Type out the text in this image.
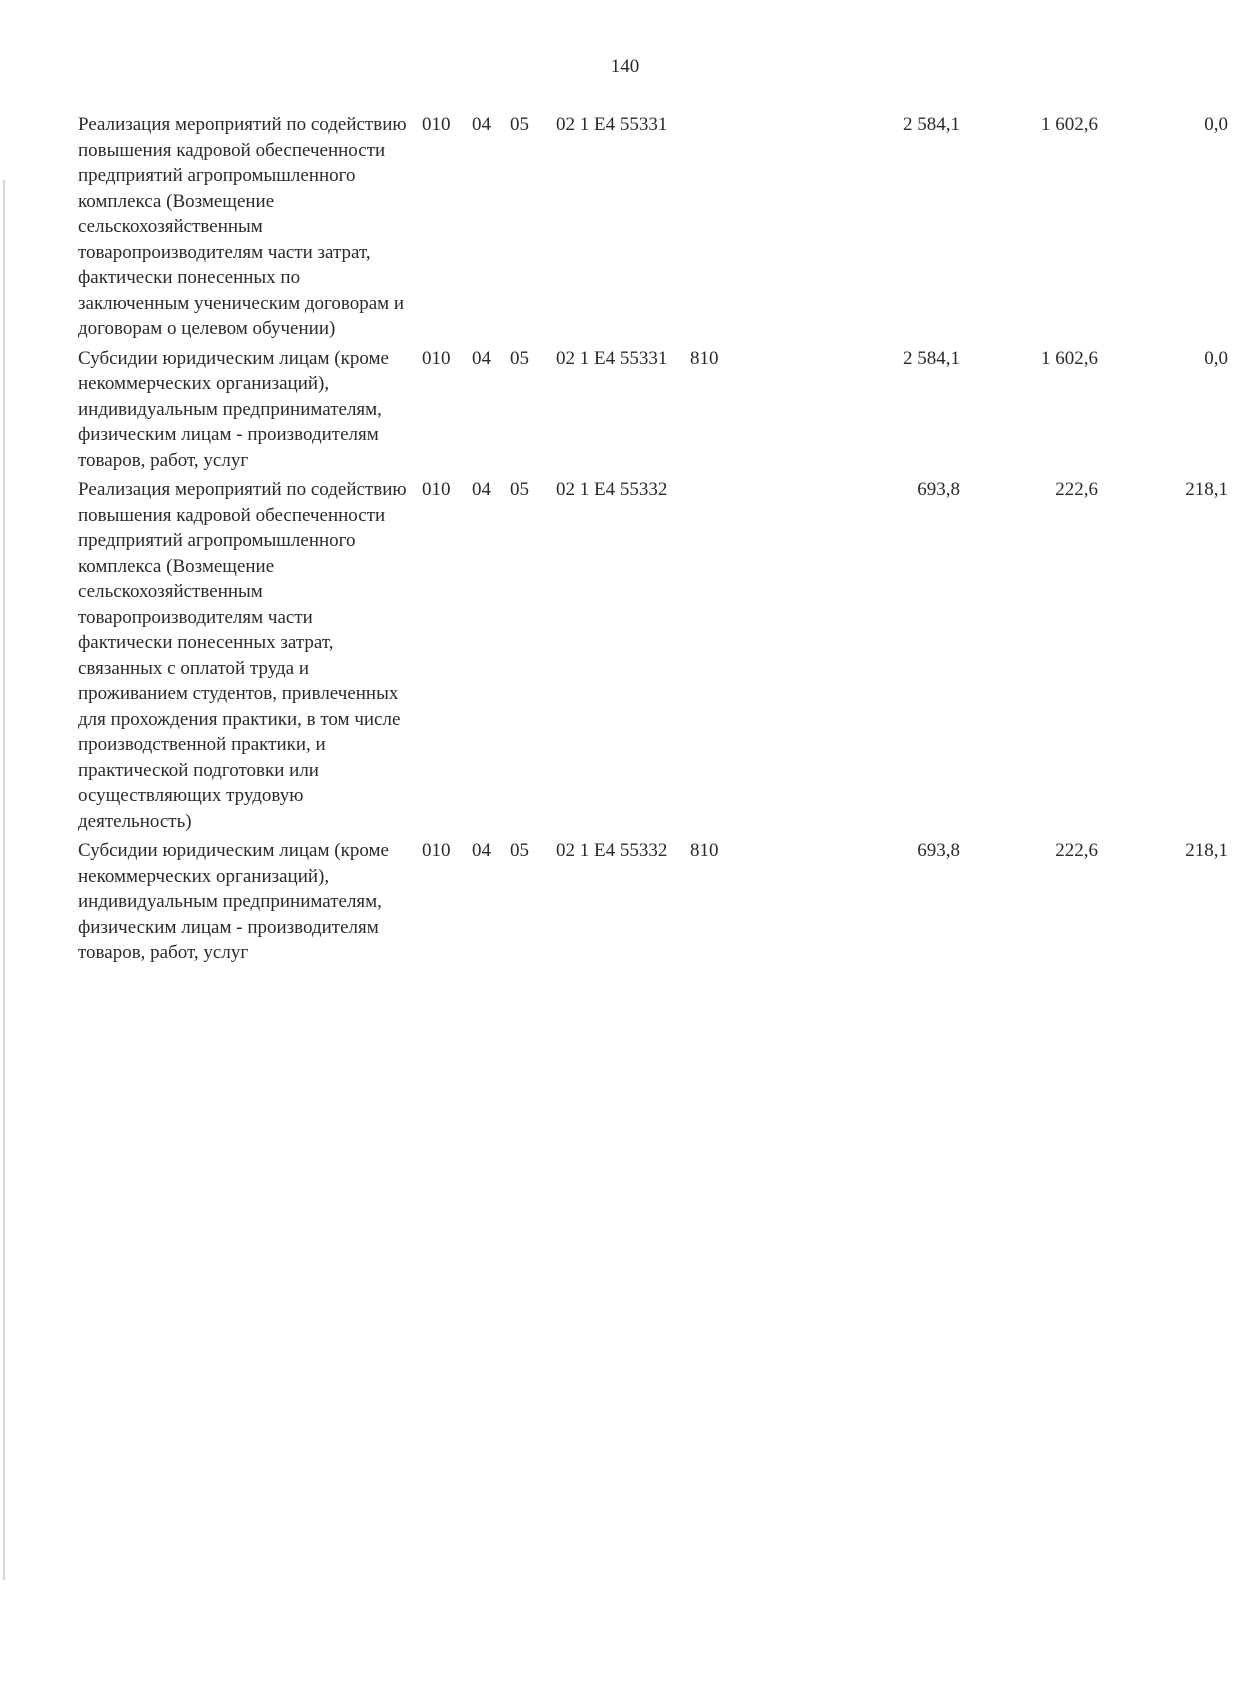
140
Реализация мероприятий по содействию повышения кадровой обеспеченности предприятий агропромышленного комплекса (Возмещение сельскохозяйственным товаропроизводителям части затрат, фактически понесенных по заключенным ученическим договорам и договорам о целевом обучении)
010 04 05 02 1 E4 55331	2 584,1	1 602,6	0,0
Субсидии юридическим лицам (кроме некоммерческих организаций), индивидуальным предпринимателям, физическим лицам - производителям товаров, работ, услуг
010 04 05 02 1 E4 55331 810	2 584,1	1 602,6	0,0
Реализация мероприятий по содействию повышения кадровой обеспеченности предприятий агропромышленного комплекса (Возмещение сельскохозяйственным товаропроизводителям части фактически понесенных затрат, связанных с оплатой труда и проживанием студентов, привлеченных для прохождения практики, в том числе производственной практики, и практической подготовки или осуществляющих трудовую деятельность)
010 04 05 02 1 E4 55332	693,8	222,6	218,1
Субсидии юридическим лицам (кроме некоммерческих организаций), индивидуальным предпринимателям, физическим лицам - производителям товаров, работ, услуг
010 04 05 02 1 E4 55332 810	693,8	222,6	218,1
